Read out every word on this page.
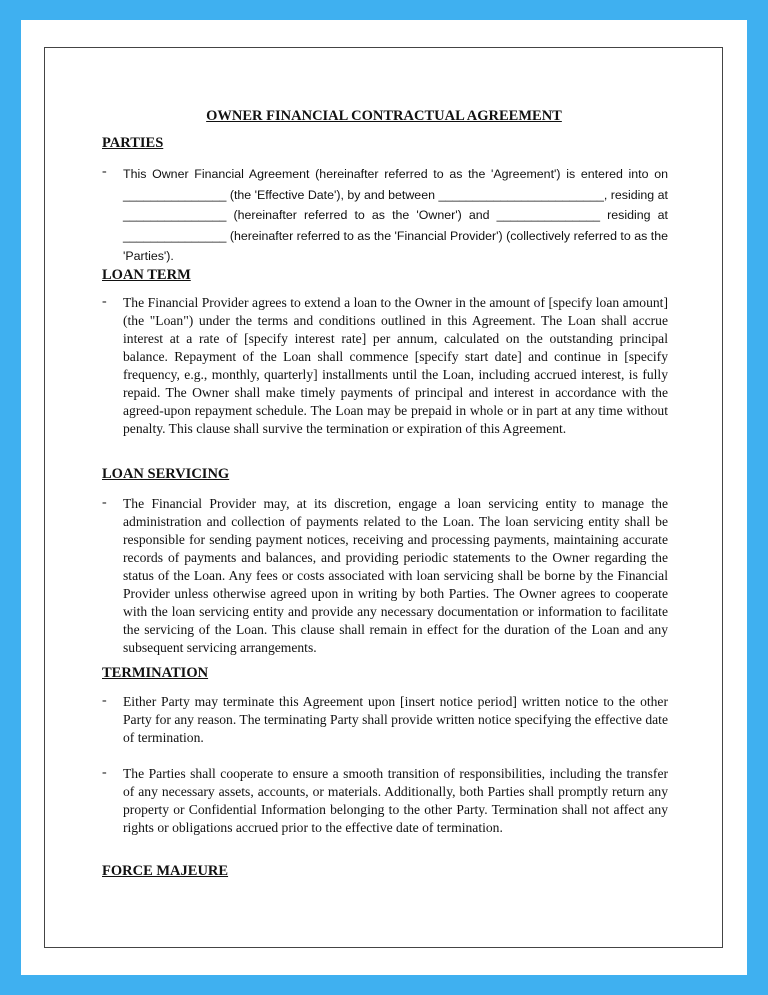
OWNER FINANCIAL CONTRACTUAL AGREEMENT
PARTIES
- This Owner Financial Agreement (hereinafter referred to as the 'Agreement') is entered into on _______________ (the 'Effective Date'), by and between ________________________, residing at _______________ (hereinafter referred to as the 'Owner') and _______________ residing at _______________ (hereinafter referred to as the 'Financial Provider') (collectively referred to as the 'Parties').
LOAN TERM
- The Financial Provider agrees to extend a loan to the Owner in the amount of [specify loan amount] (the "Loan") under the terms and conditions outlined in this Agreement. The Loan shall accrue interest at a rate of [specify interest rate] per annum, calculated on the outstanding principal balance. Repayment of the Loan shall commence [specify start date] and continue in [specify frequency, e.g., monthly, quarterly] installments until the Loan, including accrued interest, is fully repaid. The Owner shall make timely payments of principal and interest in accordance with the agreed-upon repayment schedule. The Loan may be prepaid in whole or in part at any time without penalty. This clause shall survive the termination or expiration of this Agreement.
LOAN SERVICING
- The Financial Provider may, at its discretion, engage a loan servicing entity to manage the administration and collection of payments related to the Loan. The loan servicing entity shall be responsible for sending payment notices, receiving and processing payments, maintaining accurate records of payments and balances, and providing periodic statements to the Owner regarding the status of the Loan. Any fees or costs associated with loan servicing shall be borne by the Financial Provider unless otherwise agreed upon in writing by both Parties. The Owner agrees to cooperate with the loan servicing entity and provide any necessary documentation or information to facilitate the servicing of the Loan. This clause shall remain in effect for the duration of the Loan and any subsequent servicing arrangements.
TERMINATION
- Either Party may terminate this Agreement upon [insert notice period] written notice to the other Party for any reason. The terminating Party shall provide written notice specifying the effective date of termination.
- The Parties shall cooperate to ensure a smooth transition of responsibilities, including the transfer of any necessary assets, accounts, or materials. Additionally, both Parties shall promptly return any property or Confidential Information belonging to the other Party. Termination shall not affect any rights or obligations accrued prior to the effective date of termination.
FORCE MAJEURE
